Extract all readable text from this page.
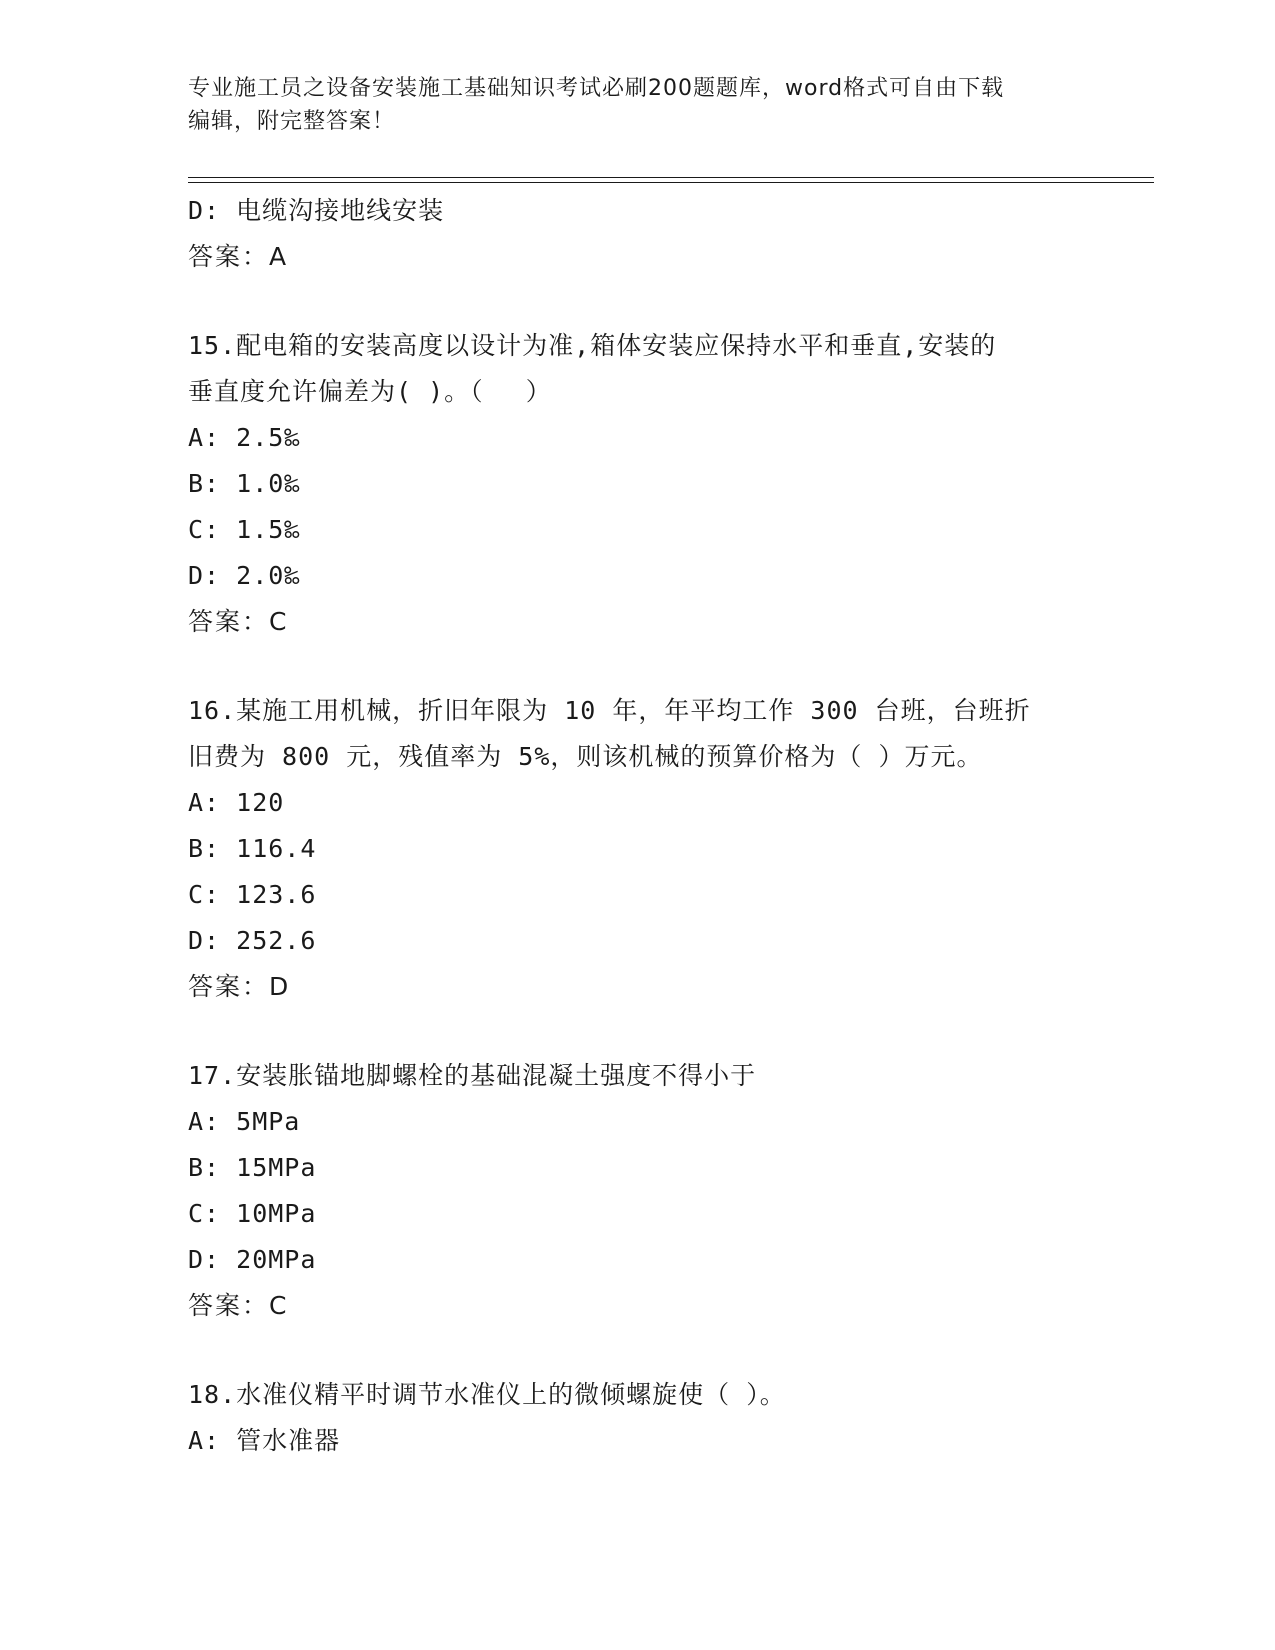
专业施工员之设备安装施工基础知识考试必刷200题题库，word格式可自由下载
编辑，附完整答案！
D: 电缆沟接地线安装
答案：A
15.配电箱的安装高度以设计为准,箱体安装应保持水平和垂直,安装的
垂直度允许偏差为( )。（　 ）
A: 2.5‰
B: 1.0‰
C: 1.5‰
D: 2.0‰
答案：C
16.某施工用机械，折旧年限为 10 年，年平均工作 300 台班，台班折
旧费为 800 元，残值率为 5%，则该机械的预算价格为（ ）万元。
A: 120
B: 116.4
C: 123.6
D: 252.6
答案：D
17.安装胀锚地脚螺栓的基础混凝土强度不得小于
A: 5MPa
B: 15MPa
C: 10MPa
D: 20MPa
答案：C
18.水准仪精平时调节水准仪上的微倾螺旋使（ ）。
A: 管水准器
